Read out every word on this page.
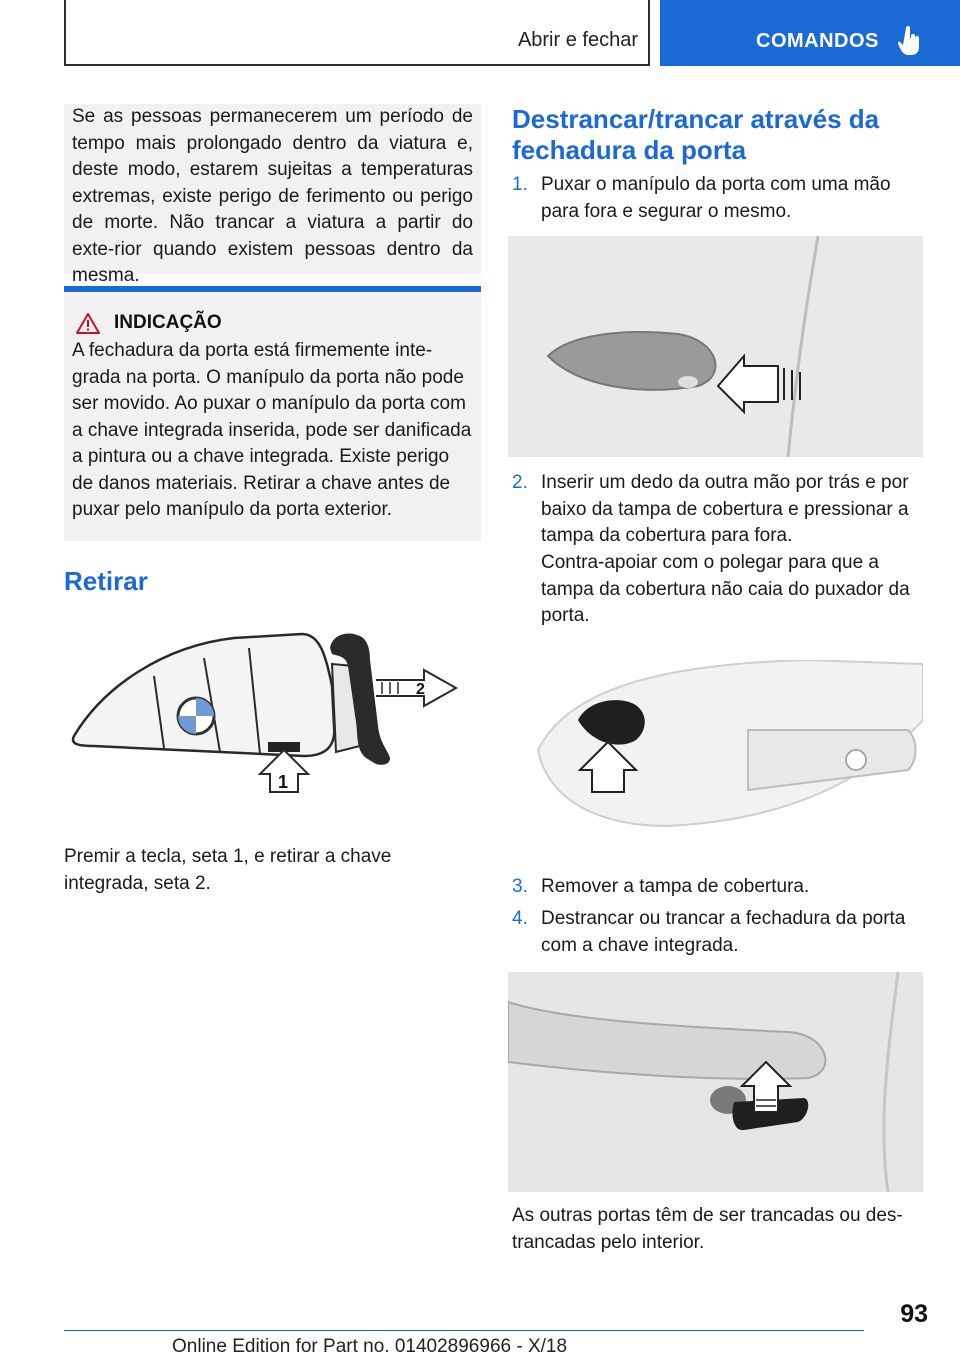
Abrir e fechar	COMANDOS

Se as pessoas permanecerem um período de tempo mais prolongado dentro da viatura e, deste modo, estarem sujeitas a temperaturas extremas, existe perigo de ferimento ou perigo de morte. Não trancar a viatura a partir do exte-rior quando existem pessoas dentro da mesma.

INDICAÇÃO

A fechadura da porta está firmemente inte-grada na porta. O manípulo da porta não pode ser movido. Ao puxar o manípulo da porta com a chave integrada inserida, pode ser danificada a pintura ou a chave integrada. Existe perigo de danos materiais. Retirar a chave antes de puxar pelo manípulo da porta exterior.

Retirar
2
1

Premir a tecla, seta 1, e retirar a chave integrada, seta 2.

Destrancar/trancar através da fechadura da porta
1. Puxar o manípulo da porta com uma mão para fora e segurar o mesmo.
2. Inserir um dedo da outra mão por trás e por baixo da tampa de cobertura e pressionar a tampa da cobertura para fora.

Contra-apoiar com o polegar para que a tampa da cobertura não caia do puxador da porta.

3. Remover a tampa de cobertura.
4. Destrancar ou trancar a fechadura da porta com a chave integrada.

As outras portas têm de ser trancadas ou des-trancadas pelo interior.

93
Online Edition for Part no. 01402896966 - X/18
